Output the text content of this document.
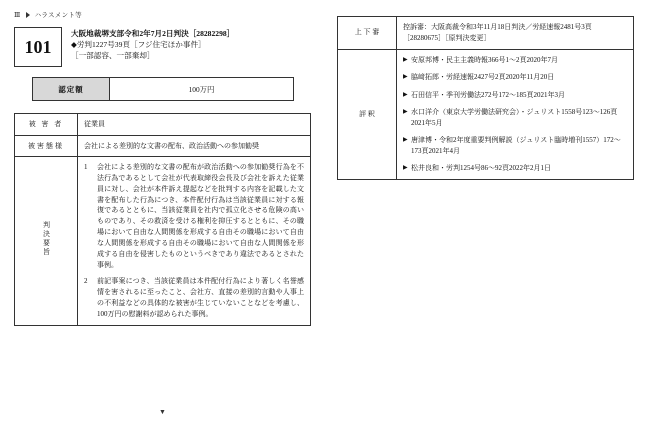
Ⅲ ハラスメント等
101
大阪地裁堺支部令和2年7月2日判決［28282298］
◆労判1227号39頁［フジ住宅ほか事件］
［一部認容、一部棄却］
認定額	100万円
被 害 者	従業員
被害態様	会社による差別的な文書の配布、政治活動への参加勧奨
判決要旨	
1	会社による差別的な文書の配布が政治活動への参加勧奨行為を不法行為であるとして会社が代表取締役会長及び会社を訴えた従業員に対し、会社が本件訴え提起などを批判する内容を記載した文書を配布した行為につき、本件配付行為は当該従業員に対する報復であるとともに、当該従業員を社内で孤立化させる危険の高いものであり、その救済を受ける権利を抑圧するとともに、その職場において自由な人間関係を形成する自由その職場において自由な人間関係を形成する自由その職場において自由な人間関係を形成する自由を侵害したものというべきであり違法であるとされた事例。
2	前記事案につき、当該従業員は本件配付行為により著しく名誉感情を害されるに至ったこと、会社方、直接の差別的言動や人事上の不利益などの具体的な被害が生じていないことなどを考慮し、100万円の慰謝料が認められた事例。
▼
上 下 審	控訴審：大阪高裁令和3年11月18日判決／労経速報2481号3頁［28280675］［原判決変更］
評 釈	
▶ 安原邦博・民主主義時報366号1～2頁2020年7月
▶ 脇﨑拓郎・労経速報2427号2頁2020年11月20日
▶ 石田信平・季刊労働法272号172～185頁2021年3月
▶ 水口洋介（東京大学労働法研究会）・ジュリスト1558号123～126頁2021年5月
▶ 唐津博・令和2年度重要判例解説（ジュリスト臨時増刊1557）172～173頁2021年4月
▶ 松井良和・労判1254号86～92頁2022年2月1日
